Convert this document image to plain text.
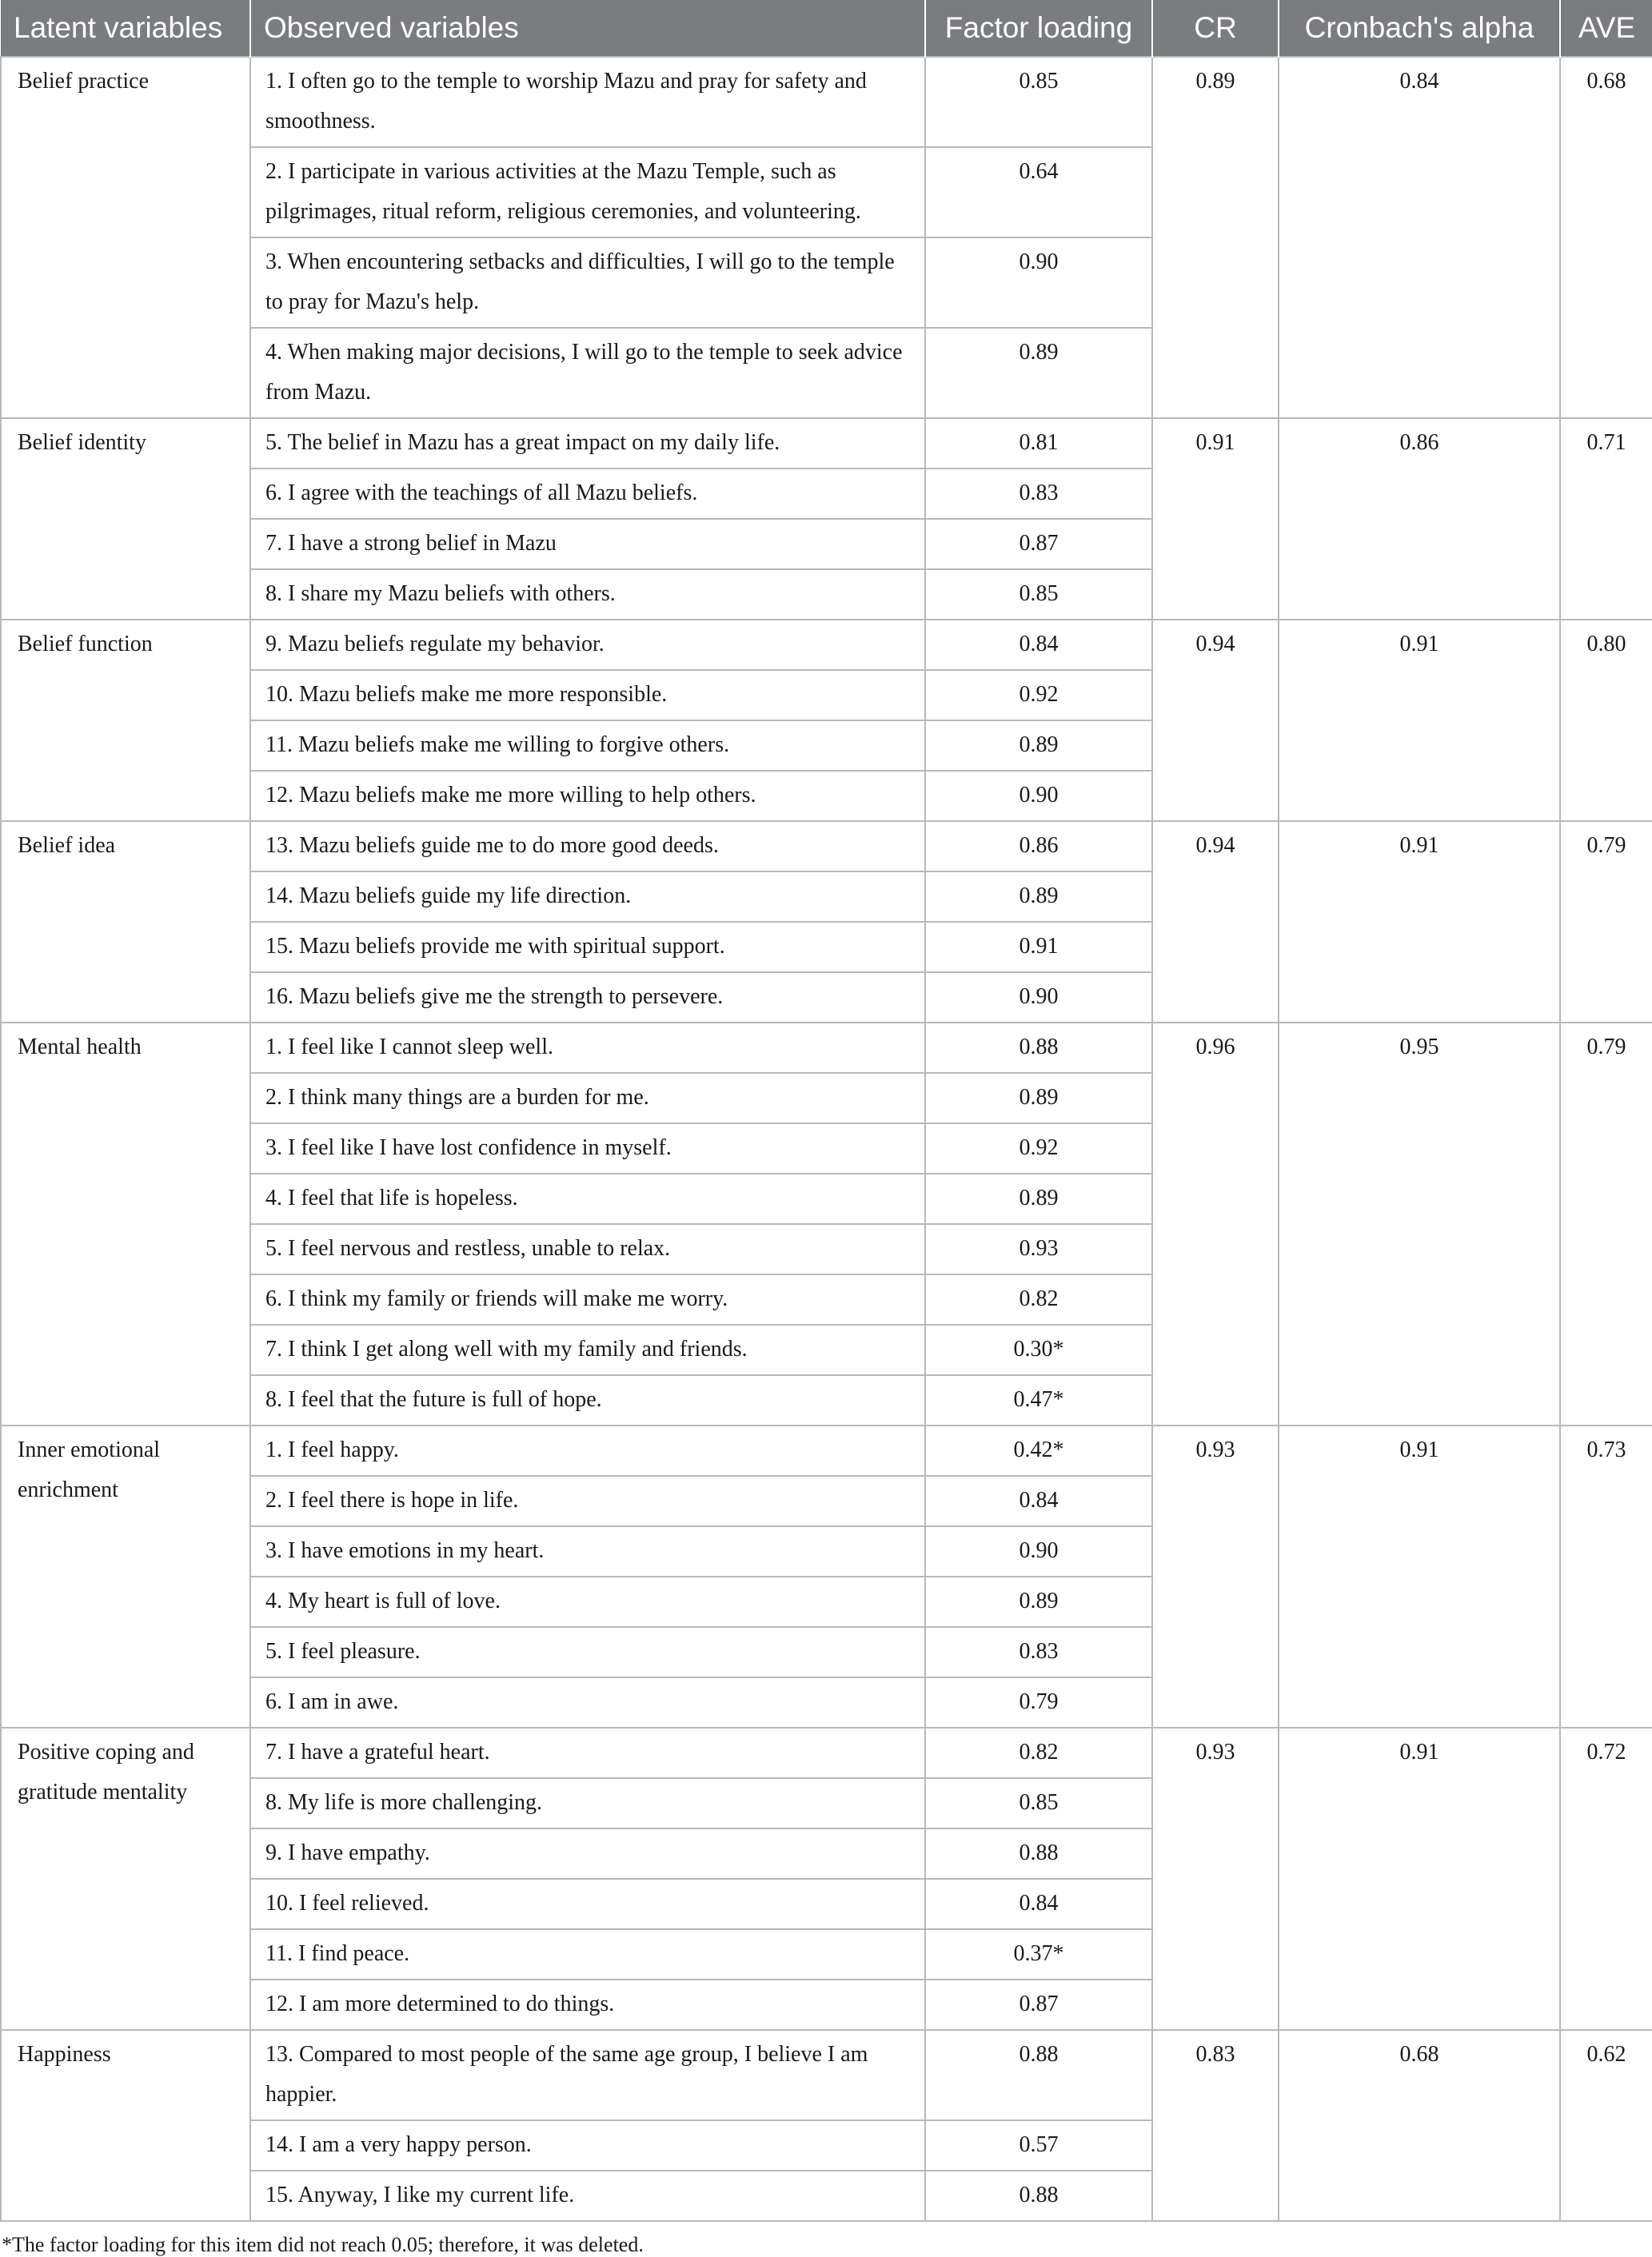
Latent variables	Observed variables	Factor loading	CR	Cronbach's alpha	AVE
Belief practice	1. I often go to the temple to worship Mazu and pray for safety and smoothness.	0.85	0.89	0.84	0.68
	2. I participate in various activities at the Mazu Temple, such as pilgrimages, ritual reform, religious ceremonies, and volunteering.	0.64			
	3. When encountering setbacks and difficulties, I will go to the temple to pray for Mazu's help.	0.90			
	4. When making major decisions, I will go to the temple to seek advice from Mazu.	0.89			
Belief identity	5. The belief in Mazu has a great impact on my daily life.	0.81	0.91	0.86	0.71
	6. I agree with the teachings of all Mazu beliefs.	0.83			
	7. I have a strong belief in Mazu	0.87			
	8. I share my Mazu beliefs with others.	0.85			
Belief function	9. Mazu beliefs regulate my behavior.	0.84	0.94	0.91	0.80
	10. Mazu beliefs make me more responsible.	0.92			
	11. Mazu beliefs make me willing to forgive others.	0.89			
	12. Mazu beliefs make me more willing to help others.	0.90			
Belief idea	13. Mazu beliefs guide me to do more good deeds.	0.86	0.94	0.91	0.79
	14. Mazu beliefs guide my life direction.	0.89			
	15. Mazu beliefs provide me with spiritual support.	0.91			
	16. Mazu beliefs give me the strength to persevere.	0.90			
Mental health	1. I feel like I cannot sleep well.	0.88	0.96	0.95	0.79
	2. I think many things are a burden for me.	0.89			
	3. I feel like I have lost confidence in myself.	0.92			
	4. I feel that life is hopeless.	0.89			
	5. I feel nervous and restless, unable to relax.	0.93			
	6. I think my family or friends will make me worry.	0.82			
	7. I think I get along well with my family and friends.	0.30*			
	8. I feel that the future is full of hope.	0.47*			
Inner emotional enrichment	1. I feel happy.	0.42*	0.93	0.91	0.73
	2. I feel there is hope in life.	0.84			
	3. I have emotions in my heart.	0.90			
	4. My heart is full of love.	0.89			
	5. I feel pleasure.	0.83			
	6. I am in awe.	0.79			
Positive coping and gratitude mentality	7. I have a grateful heart.	0.82	0.93	0.91	0.72
	8. My life is more challenging.	0.85			
	9. I have empathy.	0.88			
	10. I feel relieved.	0.84			
	11. I find peace.	0.37*			
	12. I am more determined to do things.	0.87			
Happiness	13. Compared to most people of the same age group, I believe I am happier.	0.88	0.83	0.68	0.62
	14. I am a very happy person.	0.57			
	15. Anyway, I like my current life.	0.88			
*The factor loading for this item did not reach 0.05; therefore, it was deleted.
